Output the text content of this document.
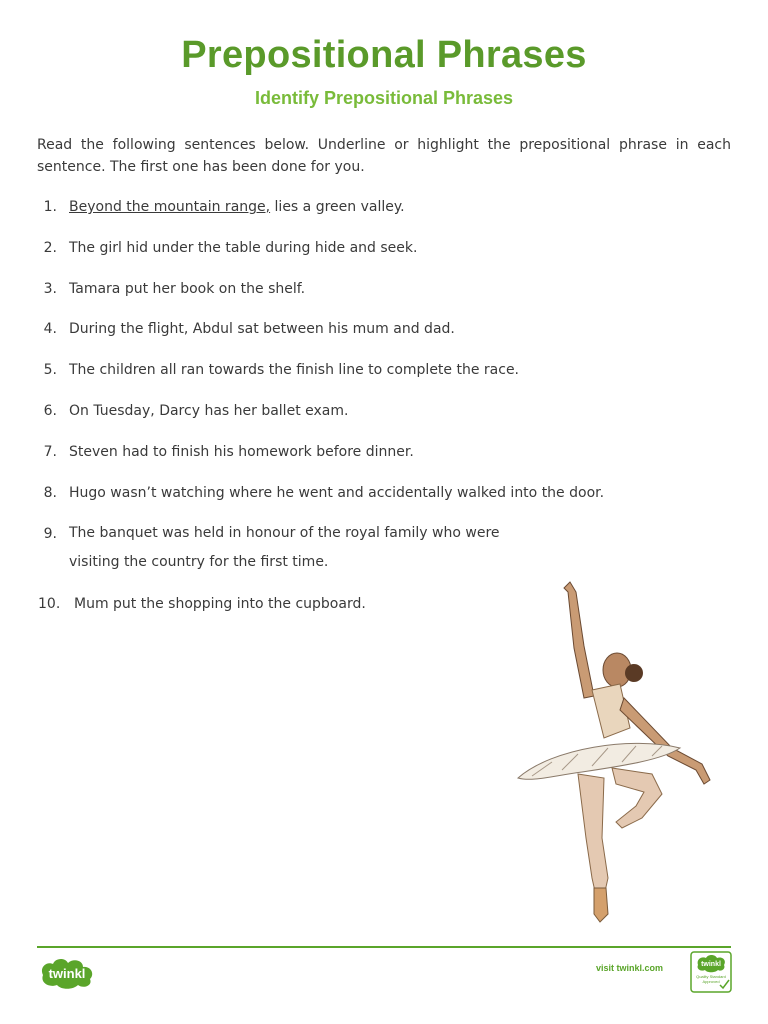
Prepositional Phrases
Identify Prepositional Phrases

Read the following sentences below. Underline or highlight the prepositional phrase in each sentence. The first one has been done for you.

1. Beyond the mountain range, lies a green valley.
2. The girl hid under the table during hide and seek.
3. Tamara put her book on the shelf.
4. During the flight, Abdul sat between his mum and dad.
5. The children all ran towards the finish line to complete the race.
6. On Tuesday, Darcy has her ballet exam.
7. Steven had to finish his homework before dinner.
8. Hugo wasn’t watching where he went and accidentally walked into the door.
9. The banquet was held in honour of the royal family who were visiting the country for the first time.
10. Mum put the shopping into the cupboard.
twinkl	visit twinkl.com	twinkl
Quality Standard Approved
